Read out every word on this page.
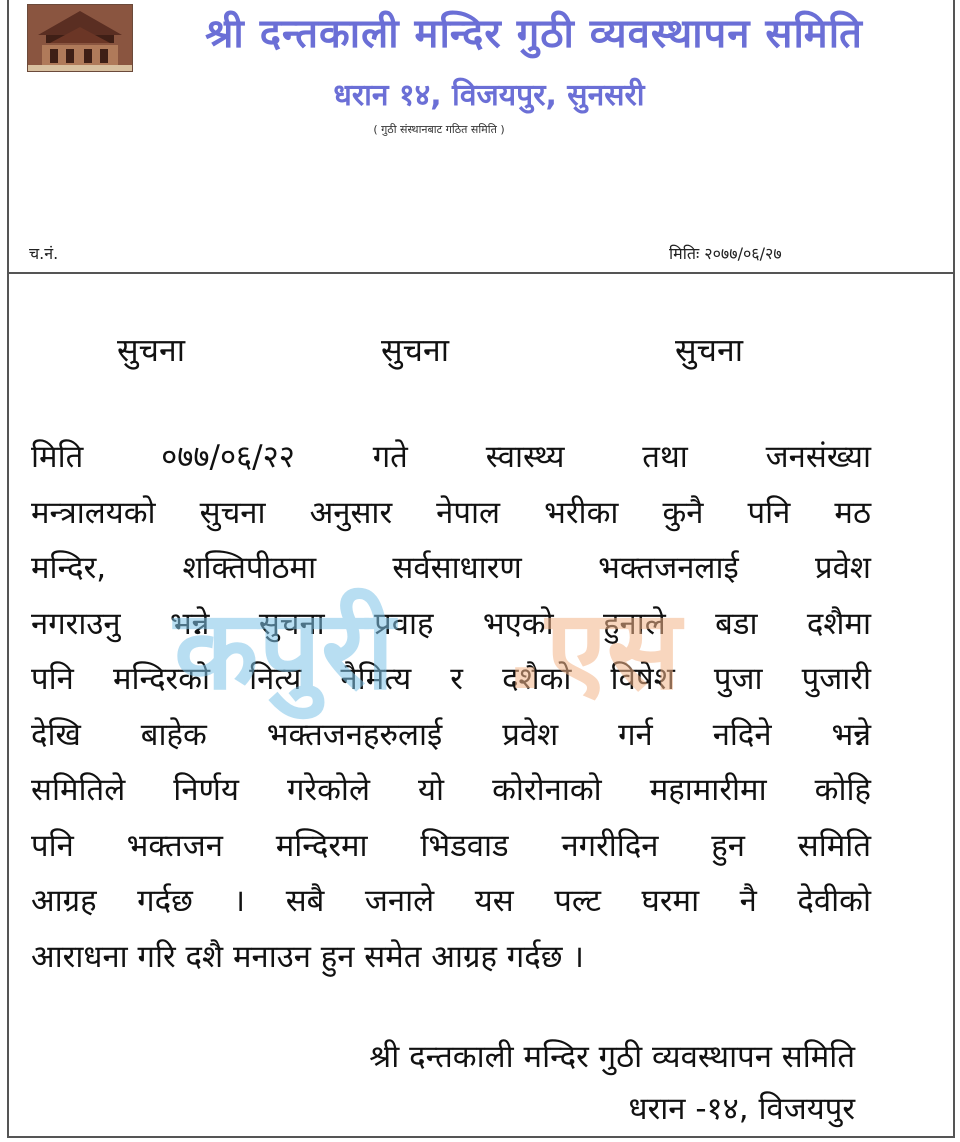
श्री दन्तकाली मन्दिर गुठी व्यवस्थापन समिति
धरान १४, विजयपुर, सुनसरी
( गुठी संस्थानबाट गठित समिति )
च.नं.	मितिः २०७७/०६/२७
सुचना	सुचना	सुचना
मिति ०७७/०६/२२ गते स्वास्थ्य तथा जनसंख्या
मन्त्रालयको सुचना अनुसार नेपाल भरीका कुनै पनि मठ
मन्दिर, शक्तिपीठमा सर्वसाधारण भक्तजनलाई प्रवेश
नगराउनु भन्ने सुचना प्रवाह भएको हुनाले बडा दशैमा
पनि मन्दिरको नित्य नैमित्य र दशैको विषेश पुजा पुजारी
देखि बाहेक भक्तजनहरुलाई प्रवेश गर्न नदिने भन्ने
समितिले निर्णय गरेकोले यो कोरोनाको महामारीमा कोहि
पनि भक्तजन मन्दिरमा भिडवाड नगरीदिन हुन समिति
आग्रह गर्दछ । सबै जनाले यस पल्ट घरमा नै देवीको
आराधना गरि दशै मनाउन हुन समेत आग्रह गर्दछ ।
कपुरी .एस
श्री दन्तकाली मन्दिर गुठी व्यवस्थापन समिति
धरान -१४, विजयपुर
